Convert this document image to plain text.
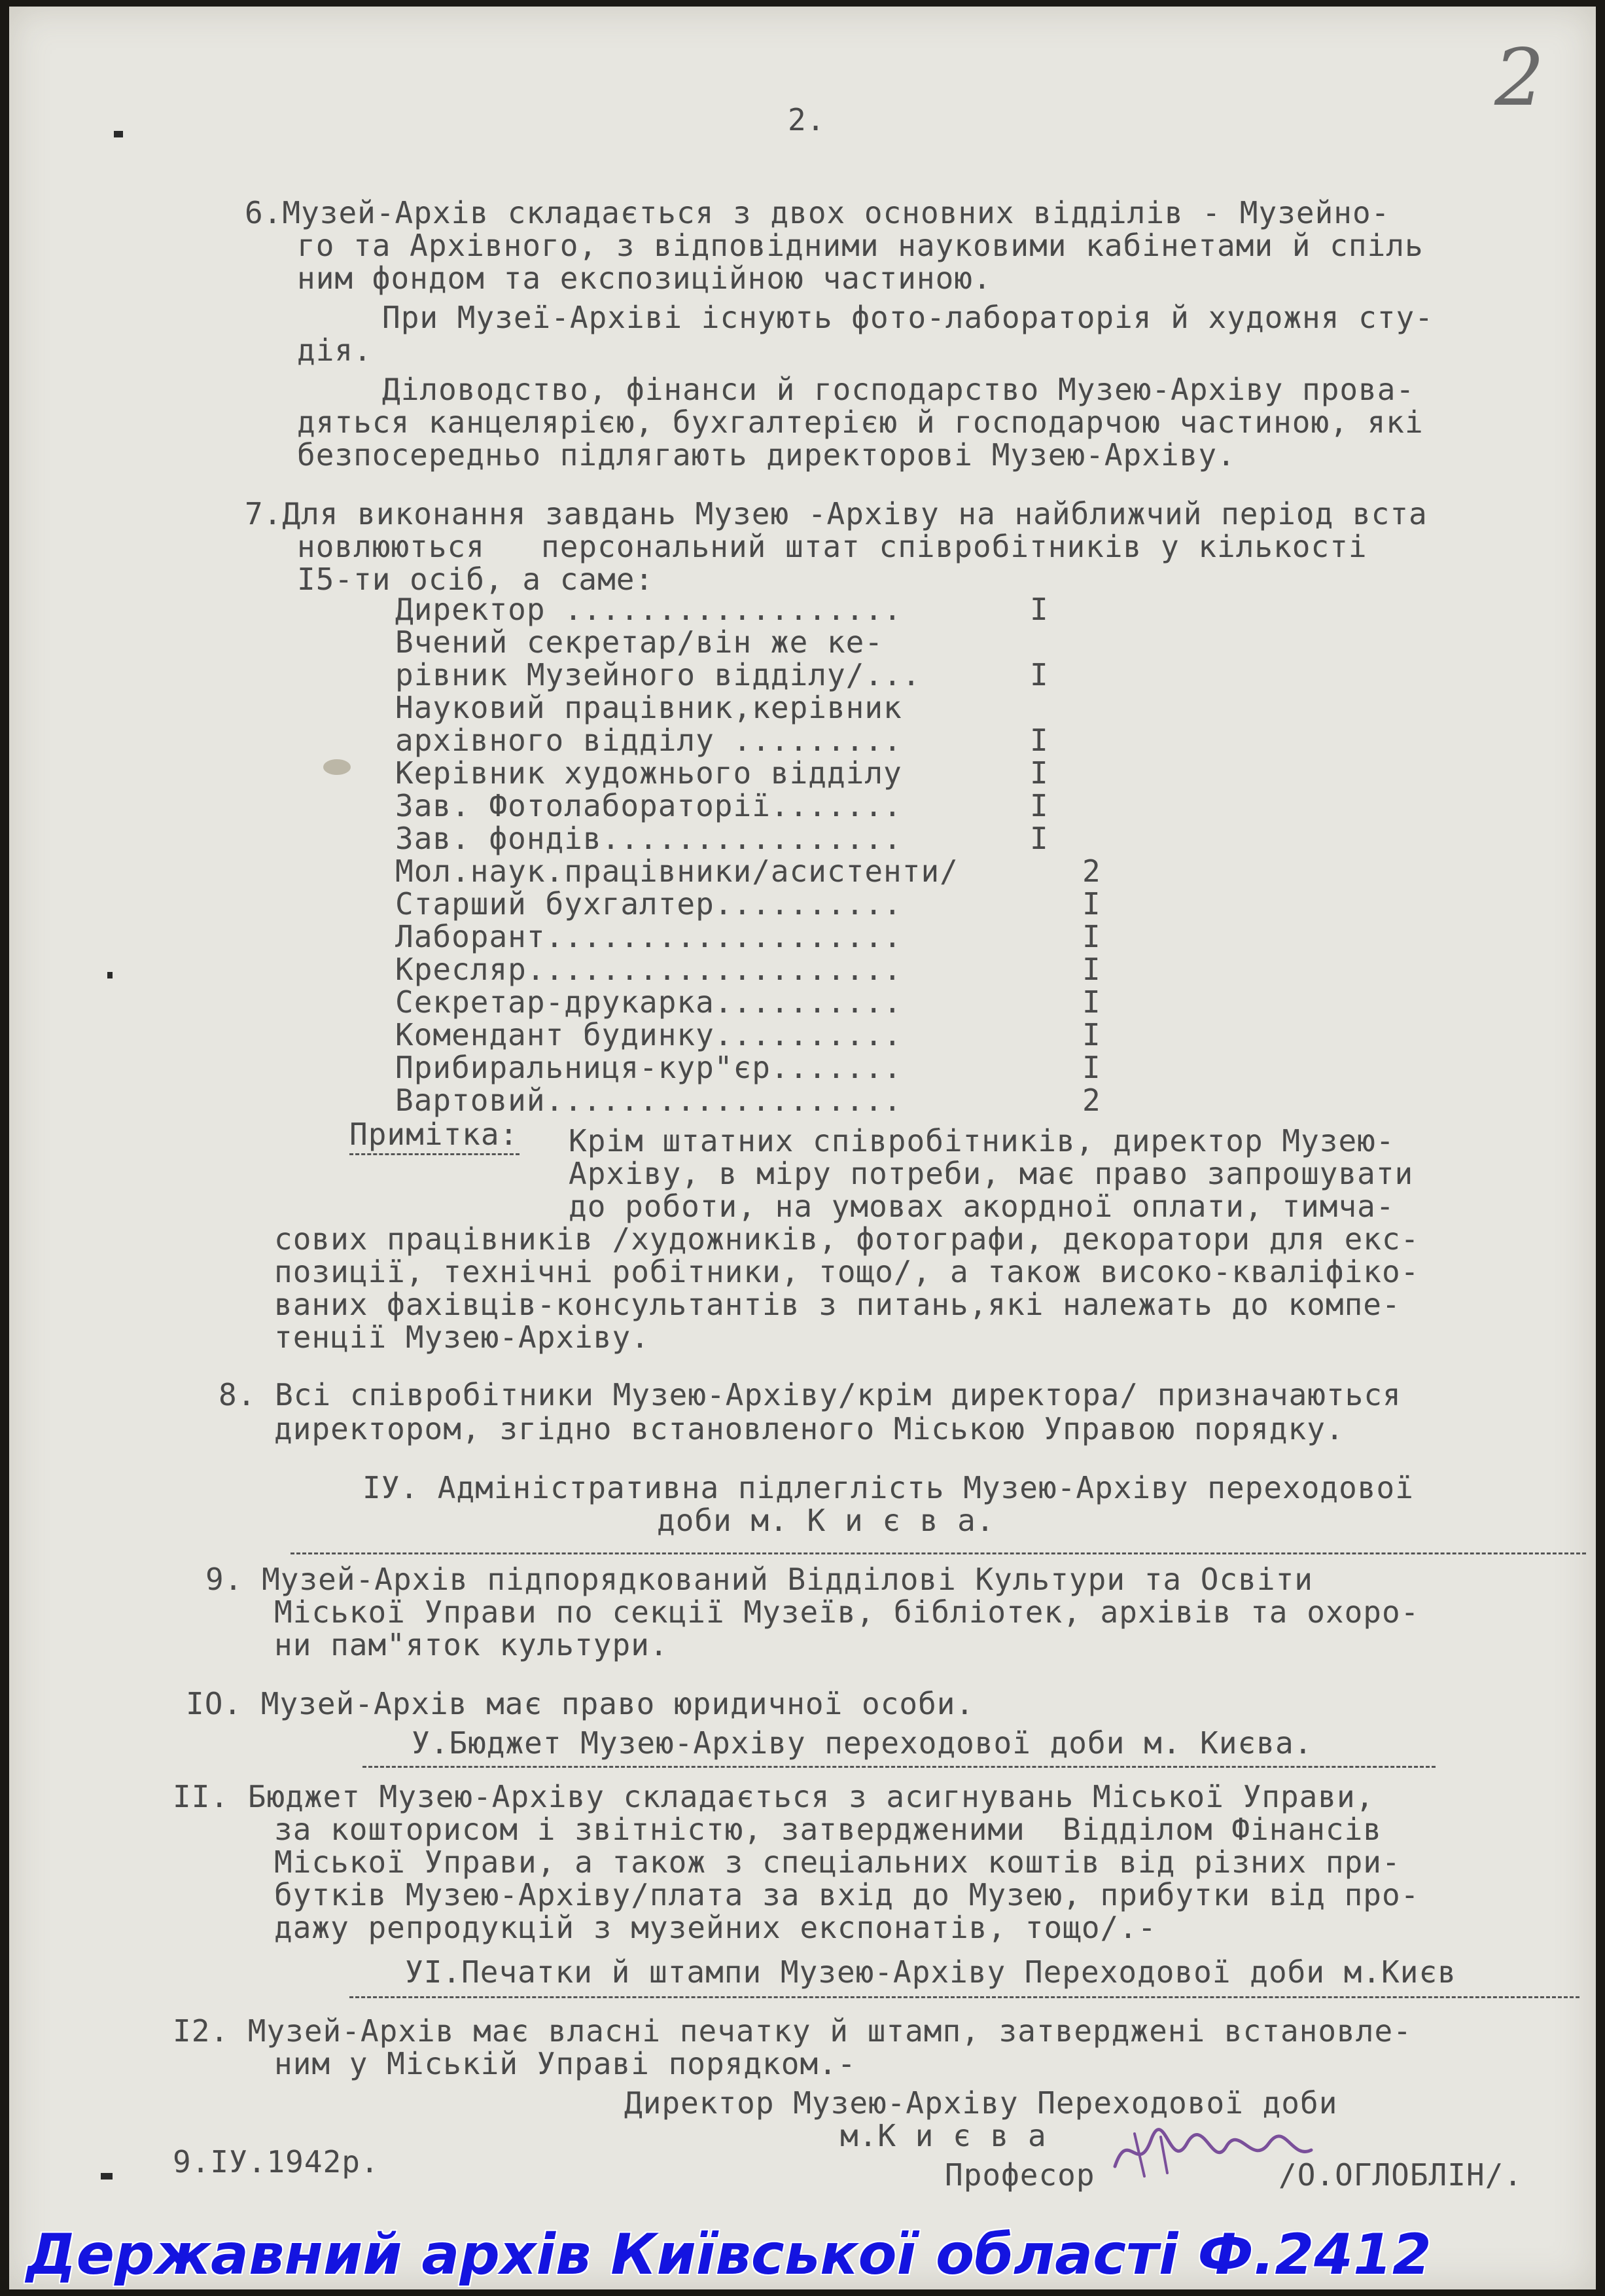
2.	2
6.Музей-Архів складається з двох основних відділів - Музейно-
го та Архівного, з відповідними науковими кабінетами й спіль
ним фондом та експозиційною частиною.
При Музеї-Архіві існують фото-лабораторія й художня сту-
дія.
Діловодство, фінанси й господарство Музею-Архіву прова-
дяться канцелярією, бухгалтерією й господарчою частиною, які
безпосередньо підлягають директорові Музею-Архіву.
7.Для виконання завдань Музею -Архіву на найближчий період вста
новлюються   персональний штат співробітників у кількості
I5-ти осіб, а саме:
Директор ..................	I
Вчений секретар/він же ке-
рівник Музейного відділу/...	I
Науковий працівник,керівник
архівного відділу .........	I
Керівник художнього відділу	I
Зав. Фотолабораторії.......	I
Зав. фондів................	I
Мол.наук.працівники/асистенти/	2
Старший бухгалтер..........	I
Лаборант...................	I
Кресляр....................	I
Секретар-друкарка..........	I
Комендант будинку..........	I
Прибиральниця-кур"єр.......	I
Вартовий...................	2
Примітка: Крім штатних співробітників, директор Музею-
Архіву, в міру потреби, має право запрошувати
до роботи, на умовах акордної оплати, тимча-
сових працівників /художників, фотографи, декоратори для екс-
позиції, технічні робітники, тощо/, а також високо-кваліфіко-
ваних фахівців-консультантів з питань,які належать до компе-
тенції Музею-Архіву.
8. Всі співробітники Музею-Архіву/крім директора/ призначаються
директором, згідно встановленого Міською Управою порядку.
IУ. Адміністративна підлеглість Музею-Архіву переходової
доби м. К и є в а.
9. Музей-Архів підпорядкований Відділові Культури та Освіти
Міської Управи по секції Музеїв, бібліотек, архівів та охоро-
ни пам"яток культури.
IO. Музей-Архів має право юридичної особи.
У.Бюджет Музею-Архіву переходової доби м. Києва.
II. Бюджет Музею-Архіву складається з асигнувань Міської Управи,
за кошторисом і звітністю, затвердженими  Відділом Фінансів
Міської Управи, а також з спеціальних коштів від різних при-
бутків Музею-Архіву/плата за вхід до Музею, прибутки від про-
дажу репродукцій з музейних експонатів, тощо/.-
УІ.Печатки й штампи Музею-Архіву Переходової доби м.Києв
I2. Музей-Архів має власні печатку й штамп, затверджені встановле-
ним у Міській Управі порядком.-
Директор Музею-Архіву Переходової доби
м.К и є в а
9.IУ.1942р.	Професор	/О.ОГЛОБЛІН/.
Державний архів Київської області Ф.2412
